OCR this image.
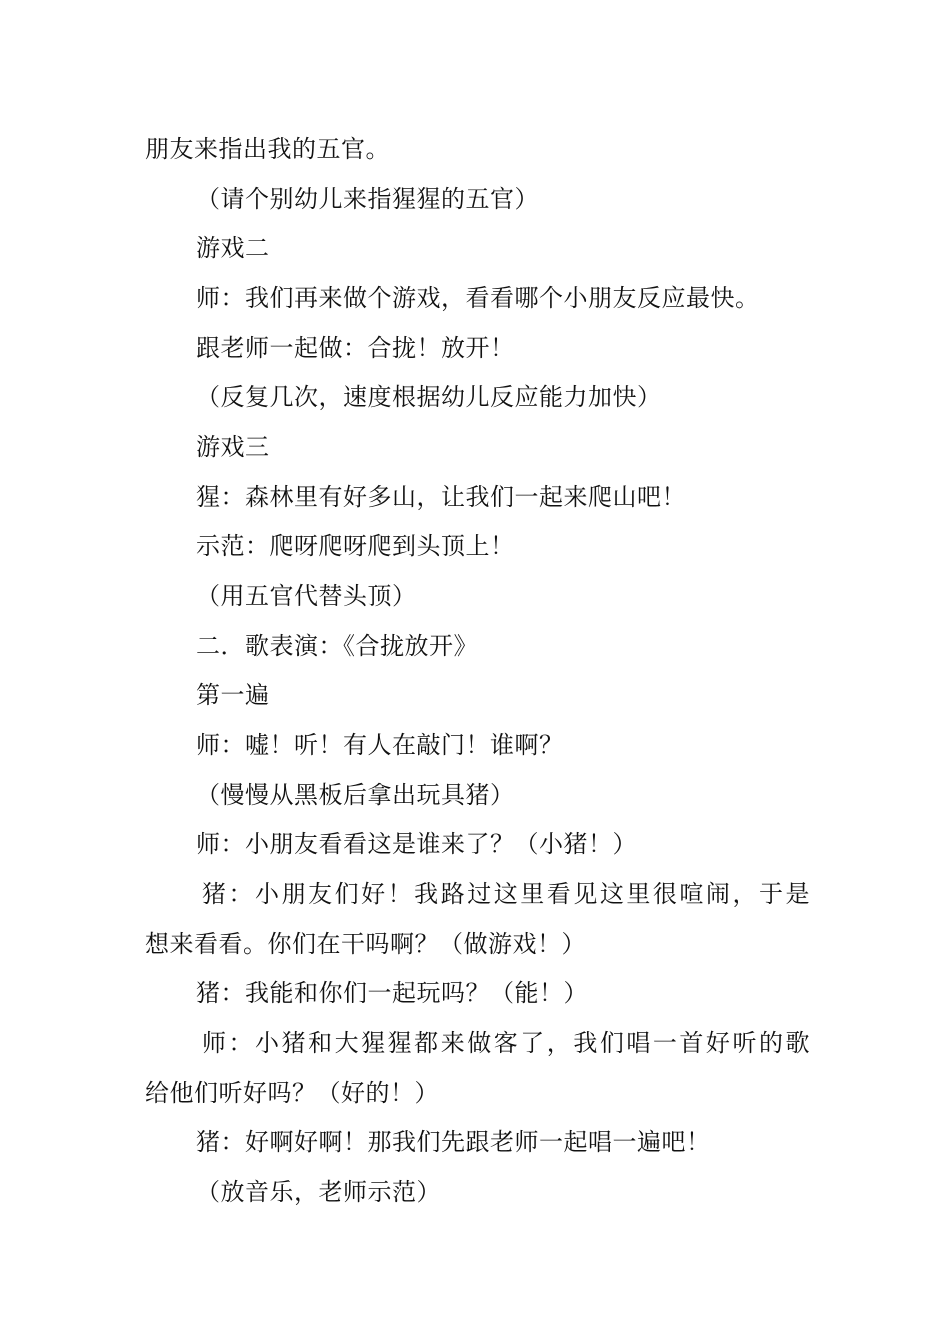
朋友来指出我的五官。
（请个别幼儿来指猩猩的五官）
游戏二
师：我们再来做个游戏，看看哪个小朋友反应最快。
跟老师一起做：合拢！放开！
（反复几次，速度根据幼儿反应能力加快）
游戏三
猩：森林里有好多山，让我们一起来爬山吧！
示范：爬呀爬呀爬到头顶上！
（用五官代替头顶）
二．歌表演：《合拢放开》
第一遍
师：嘘！听！有人在敲门！谁啊？
（慢慢从黑板后拿出玩具猪）
师：小朋友看看这是谁来了？（小猪！）
猪：小朋友们好！我路过这里看见这里很喧闹，于是
想来看看。你们在干吗啊？（做游戏！）
猪：我能和你们一起玩吗？（能！）
师：小猪和大猩猩都来做客了，我们唱一首好听的歌
给他们听好吗？（好的！）
猪：好啊好啊！那我们先跟老师一起唱一遍吧！
（放音乐，老师示范）
